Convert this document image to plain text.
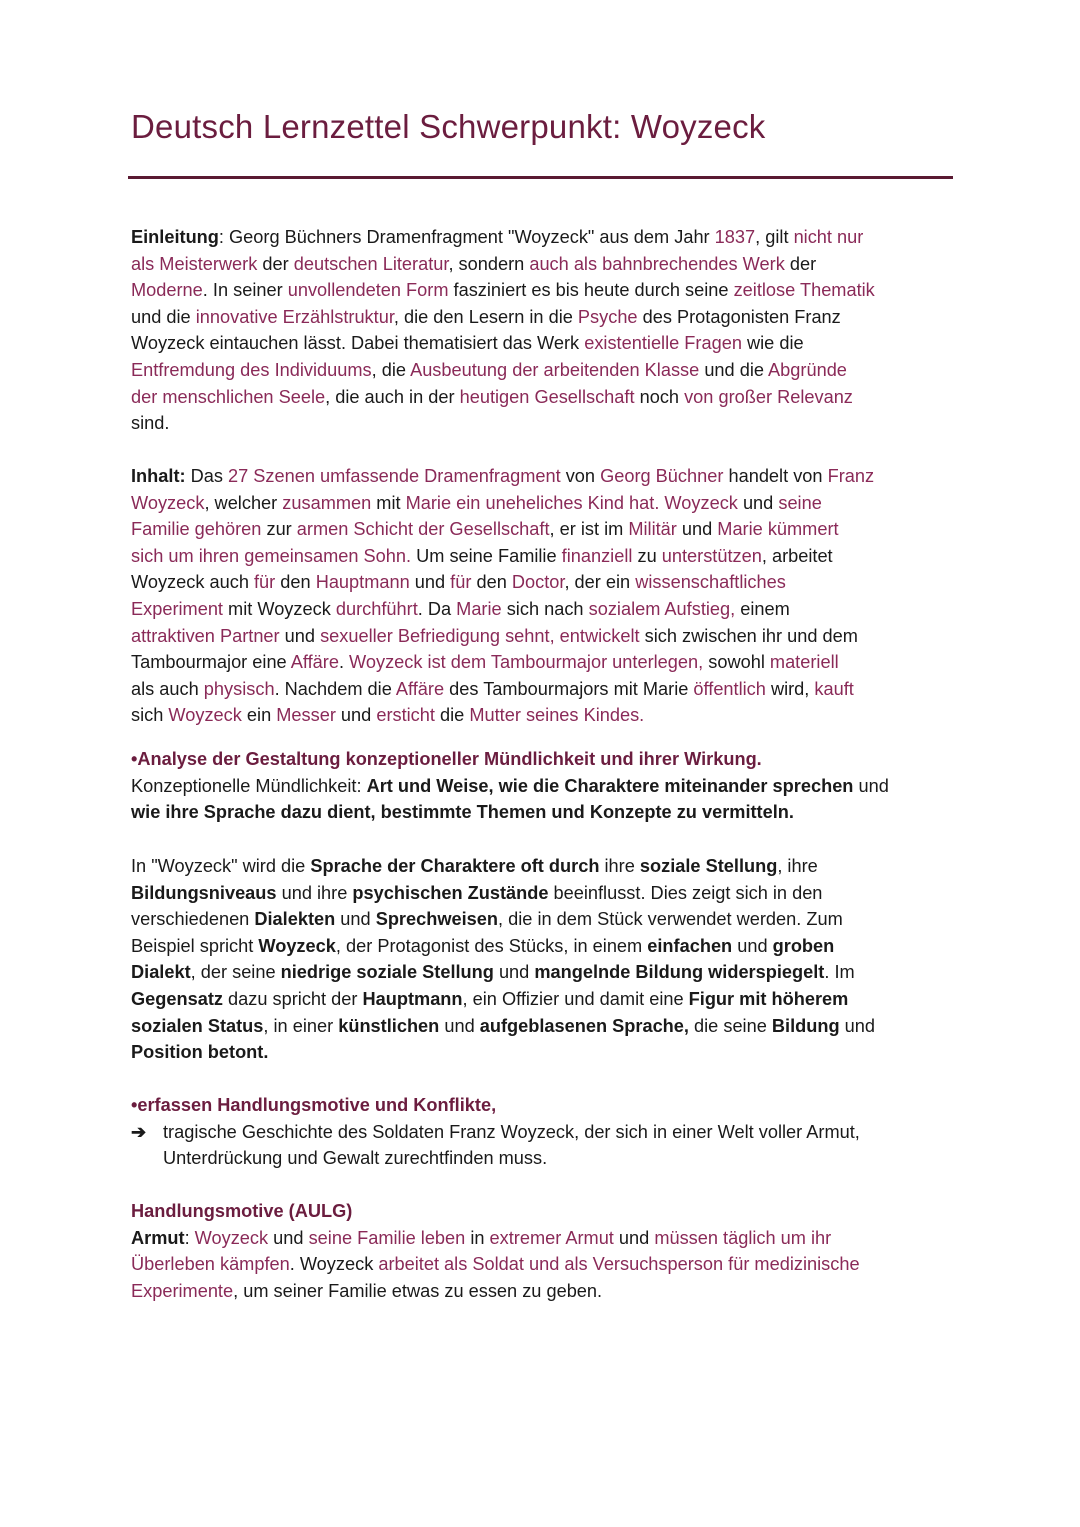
Deutsch Lernzettel Schwerpunkt: Woyzeck
Einleitung: Georg Büchners Dramenfragment "Woyzeck" aus dem Jahr 1837, gilt nicht nur
als Meisterwerk der deutschen Literatur, sondern auch als bahnbrechendes Werk der
Moderne. In seiner unvollendeten Form fasziniert es bis heute durch seine zeitlose Thematik
und die innovative Erzählstruktur, die den Lesern in die Psyche des Protagonisten Franz
Woyzeck eintauchen lässt. Dabei thematisiert das Werk existentielle Fragen wie die
Entfremdung des Individuums, die Ausbeutung der arbeitenden Klasse und die Abgründe
der menschlichen Seele, die auch in der heutigen Gesellschaft noch von großer Relevanz
sind.
Inhalt: Das 27 Szenen umfassende Dramenfragment von Georg Büchner handelt von Franz
Woyzeck, welcher zusammen mit Marie ein uneheliches Kind hat. Woyzeck und seine
Familie gehören zur armen Schicht der Gesellschaft, er ist im Militär und Marie kümmert
sich um ihren gemeinsamen Sohn. Um seine Familie finanziell zu unterstützen, arbeitet
Woyzeck auch für den Hauptmann und für den Doctor, der ein wissenschaftliches
Experiment mit Woyzeck durchführt. Da Marie sich nach sozialem Aufstieg, einem
attraktiven Partner und sexueller Befriedigung sehnt, entwickelt sich zwischen ihr und dem
Tambourmajor eine Affäre. Woyzeck ist dem Tambourmajor unterlegen, sowohl materiell
als auch physisch. Nachdem die Affäre des Tambourmajors mit Marie öffentlich wird, kauft
sich Woyzeck ein Messer und ersticht die Mutter seines Kindes.
•Analyse der Gestaltung konzeptioneller Mündlichkeit und ihrer Wirkung.
Konzeptionelle Mündlichkeit: Art und Weise, wie die Charaktere miteinander sprechen und
wie ihre Sprache dazu dient, bestimmte Themen und Konzepte zu vermitteln.
In "Woyzeck" wird die Sprache der Charaktere oft durch ihre soziale Stellung, ihre
Bildungsniveaus und ihre psychischen Zustände beeinflusst. Dies zeigt sich in den
verschiedenen Dialekten und Sprechweisen, die in dem Stück verwendet werden. Zum
Beispiel spricht Woyzeck, der Protagonist des Stücks, in einem einfachen und groben
Dialekt, der seine niedrige soziale Stellung und mangelnde Bildung widerspiegelt. Im
Gegensatz dazu spricht der Hauptmann, ein Offizier und damit eine Figur mit höherem
sozialen Status, in einer künstlichen und aufgeblasenen Sprache, die seine Bildung und
Position betont.
•erfassen Handlungsmotive und Konflikte,
➔ tragische Geschichte des Soldaten Franz Woyzeck, der sich in einer Welt voller Armut,
Unterdrückung und Gewalt zurechtfinden muss.
Handlungsmotive (AULG)
Armut: Woyzeck und seine Familie leben in extremer Armut und müssen täglich um ihr
Überleben kämpfen. Woyzeck arbeitet als Soldat und als Versuchsperson für medizinische
Experimente, um seiner Familie etwas zu essen zu geben.
